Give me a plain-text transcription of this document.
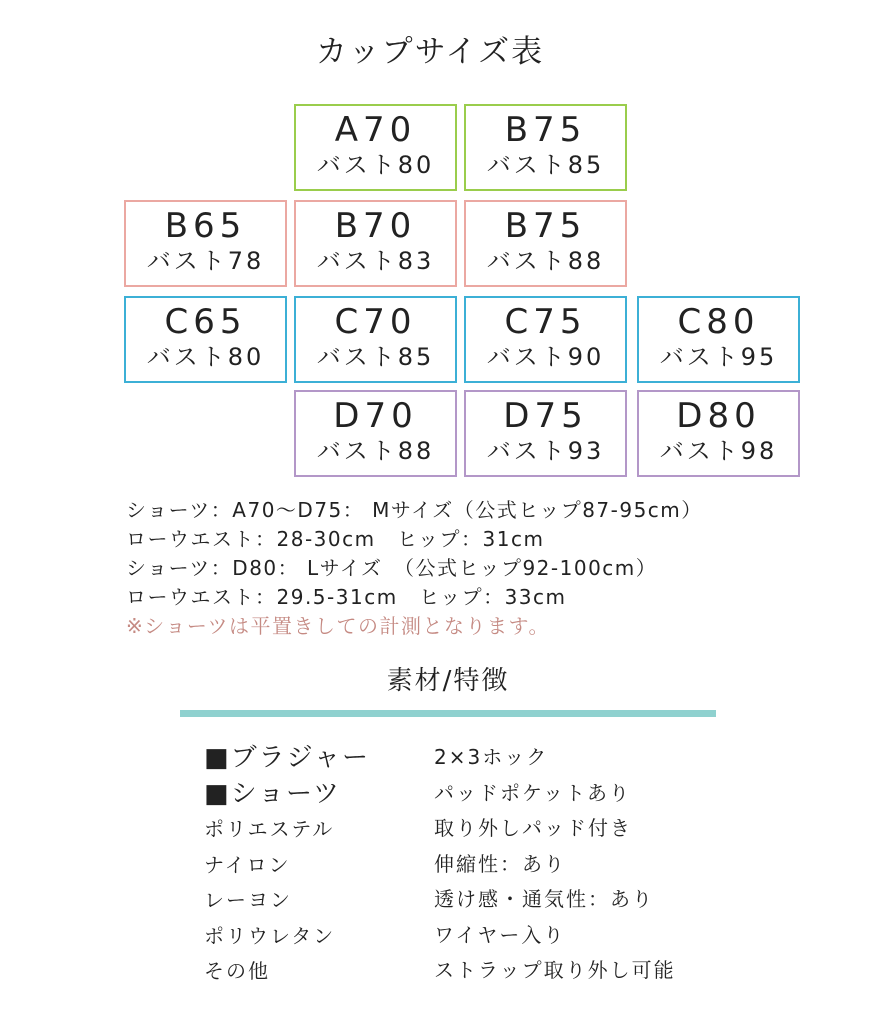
カップサイズ表
A70
バスト80
B75
バスト85
B65
バスト78
B70
バスト83
B75
バスト88
C65
バスト80
C70
バスト85
C75
バスト90
C80
バスト95
D70
バスト88
D75
バスト93
D80
バスト98
ショーツ：A70～D75： Mサイズ（公式ヒップ87-95cm）
ローウエスト：28-30cm　ヒップ：31cm
ショーツ：D80： Lサイズ　（公式ヒップ92-100cm）
ローウエスト：29.5-31cm　ヒップ：33cm
※ショーツは平置きしての計測となります。
素材/特徴
■ブラジャー
■ショーツ
ポリエステル
ナイロン
レーヨン
ポリウレタン
その他
2×3ホック
パッドポケットあり
取り外しパッド付き
伸縮性：あり
透け感・通気性：あり
ワイヤー入り
ストラップ取り外し可能
